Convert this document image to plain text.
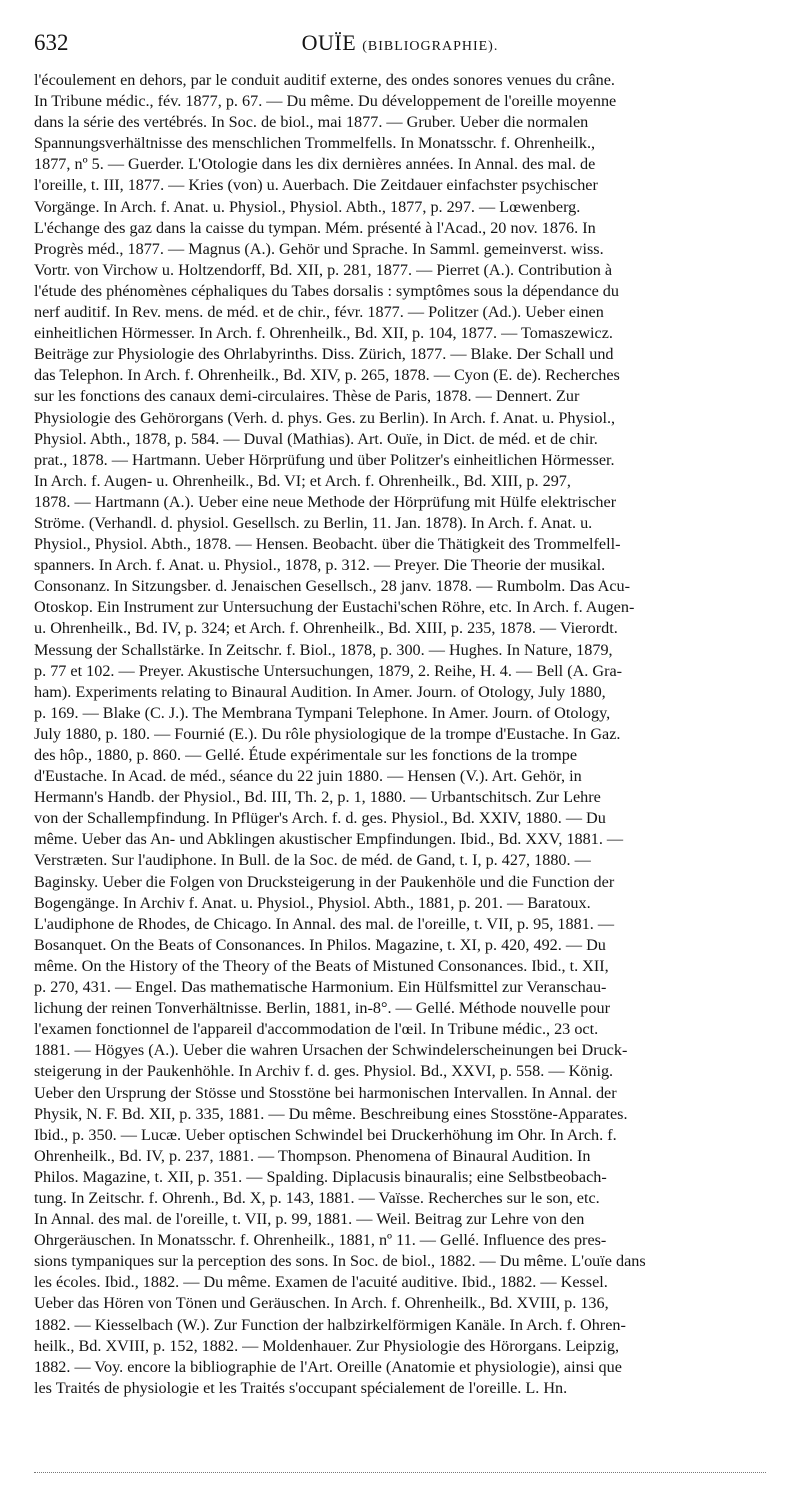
632	OUÏE (BIBLIOGRAPHIE).
l'écoulement en dehors, par le conduit auditif externe, des ondes sonores venues du crâne.
In Tribune médic., fév. 1877, p. 67. — Du même. Du développement de l'oreille moyenne
dans la série des vertébrés. In Soc. de biol., mai 1877. — Gruber. Ueber die normalen
Spannungsverhältnisse des menschlichen Trommelfells. In Monatsschr. f. Ohrenheilk.,
1877, nº 5. — Guerder. L'Otologie dans les dix dernières années. In Annal. des mal. de
l'oreille, t. III, 1877. — Kries (von) u. Auerbach. Die Zeitdauer einfachster psychischer
Vorgänge. In Arch. f. Anat. u. Physiol., Physiol. Abth., 1877, p. 297. — Lœwenberg.
L'échange des gaz dans la caisse du tympan. Mém. présenté à l'Acad., 20 nov. 1876. In
Progrès méd., 1877. — Magnus (A.). Gehör und Sprache. In Samml. gemeinverst. wiss.
Vortr. von Virchow u. Holtzendorff, Bd. XII, p. 281, 1877. — Pierret (A.). Contribution à
l'étude des phénomènes céphaliques du Tabes dorsalis : symptômes sous la dépendance du
nerf auditif. In Rev. mens. de méd. et de chir., févr. 1877. — Politzer (Ad.). Ueber einen
einheitlichen Hörmesser. In Arch. f. Ohrenheilk., Bd. XII, p. 104, 1877. — Tomaszewicz.
Beiträge zur Physiologie des Ohrlabyrinths. Diss. Zürich, 1877. — Blake. Der Schall und
das Telephon. In Arch. f. Ohrenheilk., Bd. XIV, p. 265, 1878. — Cyon (E. de). Recherches
sur les fonctions des canaux demi-circulaires. Thèse de Paris, 1878. — Dennert. Zur
Physiologie des Gehörorgans (Verh. d. phys. Ges. zu Berlin). In Arch. f. Anat. u. Physiol.,
Physiol. Abth., 1878, p. 584. — Duval (Mathias). Art. Ouïe, in Dict. de méd. et de chir.
prat., 1878. — Hartmann. Ueber Hörprüfung und über Politzer's einheitlichen Hörmesser.
In Arch. f. Augen- u. Ohrenheilk., Bd. VI; et Arch. f. Ohrenheilk., Bd. XIII, p. 297,
1878. — Hartmann (A.). Ueber eine neue Methode der Hörprüfung mit Hülfe elektrischer
Ströme. (Verhandl. d. physiol. Gesellsch. zu Berlin, 11. Jan. 1878). In Arch. f. Anat. u.
Physiol., Physiol. Abth., 1878. — Hensen. Beobacht. über die Thätigkeit des Trommelfell-
spanners. In Arch. f. Anat. u. Physiol., 1878, p. 312. — Preyer. Die Theorie der musikal.
Consonanz. In Sitzungsber. d. Jenaischen Gesellsch., 28 janv. 1878. — Rumbolm. Das Acu-
Otoskop. Ein Instrument zur Untersuchung der Eustachi'schen Röhre, etc. In Arch. f. Augen-
u. Ohrenheilk., Bd. IV, p. 324; et Arch. f. Ohrenheilk., Bd. XIII, p. 235, 1878. — Vierordt.
Messung der Schallstärke. In Zeitschr. f. Biol., 1878, p. 300. — Hughes. In Nature, 1879,
p. 77 et 102. — Preyer. Akustische Untersuchungen, 1879, 2. Reihe, H. 4. — Bell (A. Gra-
ham). Experiments relating to Binaural Audition. In Amer. Journ. of Otology, July 1880,
p. 169. — Blake (C. J.). The Membrana Tympani Telephone. In Amer. Journ. of Otology,
July 1880, p. 180. — Fournié (E.). Du rôle physiologique de la trompe d'Eustache. In Gaz.
des hôp., 1880, p. 860. — Gellé. Étude expérimentale sur les fonctions de la trompe
d'Eustache. In Acad. de méd., séance du 22 juin 1880. — Hensen (V.). Art. Gehör, in
Hermann's Handb. der Physiol., Bd. III, Th. 2, p. 1, 1880. — Urbantschitsch. Zur Lehre
von der Schallempfindung. In Pflüger's Arch. f. d. ges. Physiol., Bd. XXIV, 1880. — Du
même. Ueber das An- und Abklingen akustischer Empfindungen. Ibid., Bd. XXV, 1881. —
Verstræten. Sur l'audiphone. In Bull. de la Soc. de méd. de Gand, t. I, p. 427, 1880. —
Baginsky. Ueber die Folgen von Drucksteigerung in der Paukenhöle und die Function der
Bogengänge. In Archiv f. Anat. u. Physiol., Physiol. Abth., 1881, p. 201. — Baratoux.
L'audiphone de Rhodes, de Chicago. In Annal. des mal. de l'oreille, t. VII, p. 95, 1881. —
Bosanquet. On the Beats of Consonances. In Philos. Magazine, t. XI, p. 420, 492. — Du
même. On the History of the Theory of the Beats of Mistuned Consonances. Ibid., t. XII,
p. 270, 431. — Engel. Das mathematische Harmonium. Ein Hülfsmittel zur Veranschau-
lichung der reinen Tonverhältnisse. Berlin, 1881, in-8°. — Gellé. Méthode nouvelle pour
l'examen fonctionnel de l'appareil d'accommodation de l'œil. In Tribune médic., 23 oct.
1881. — Högyes (A.). Ueber die wahren Ursachen der Schwindelerscheinungen bei Druck-
steigerung in der Paukenhöhle. In Archiv f. d. ges. Physiol. Bd., XXVI, p. 558. — König.
Ueber den Ursprung der Stösse und Stosstöne bei harmonischen Intervallen. In Annal. der
Physik, N. F. Bd. XII, p. 335, 1881. — Du même. Beschreibung eines Stosstöne-Apparates.
Ibid., p. 350. — Lucæ. Ueber optischen Schwindel bei Druckerhöhung im Ohr. In Arch. f.
Ohrenheilk., Bd. IV, p. 237, 1881. — Thompson. Phenomena of Binaural Audition. In
Philos. Magazine, t. XII, p. 351. — Spalding. Diplacusis binauralis; eine Selbstbeobach-
tung. In Zeitschr. f. Ohrenh., Bd. X, p. 143, 1881. — Vaïsse. Recherches sur le son, etc.
In Annal. des mal. de l'oreille, t. VII, p. 99, 1881. — Weil. Beitrag zur Lehre von den
Ohrgeräuschen. In Monatsschr. f. Ohrenheilk., 1881, nº 11. — Gellé. Influence des pres-
sions tympaniques sur la perception des sons. In Soc. de biol., 1882. — Du même. L'ouïe dans
les écoles. Ibid., 1882. — Du même. Examen de l'acuité auditive. Ibid., 1882. — Kessel.
Ueber das Hören von Tönen und Geräuschen. In Arch. f. Ohrenheilk., Bd. XVIII, p. 136,
1882. — Kiesselbach (W.). Zur Function der halbzirkelförmigen Kanäle. In Arch. f. Ohren-
heilk., Bd. XVIII, p. 152, 1882. — Moldenhauer. Zur Physiologie des Hörorgans. Leipzig,
1882. — Voy. encore la bibliographie de l'Art. Oreille (Anatomie et physiologie), ainsi que
les Traités de physiologie et les Traités s'occupant spécialement de l'oreille. L. Hn.
